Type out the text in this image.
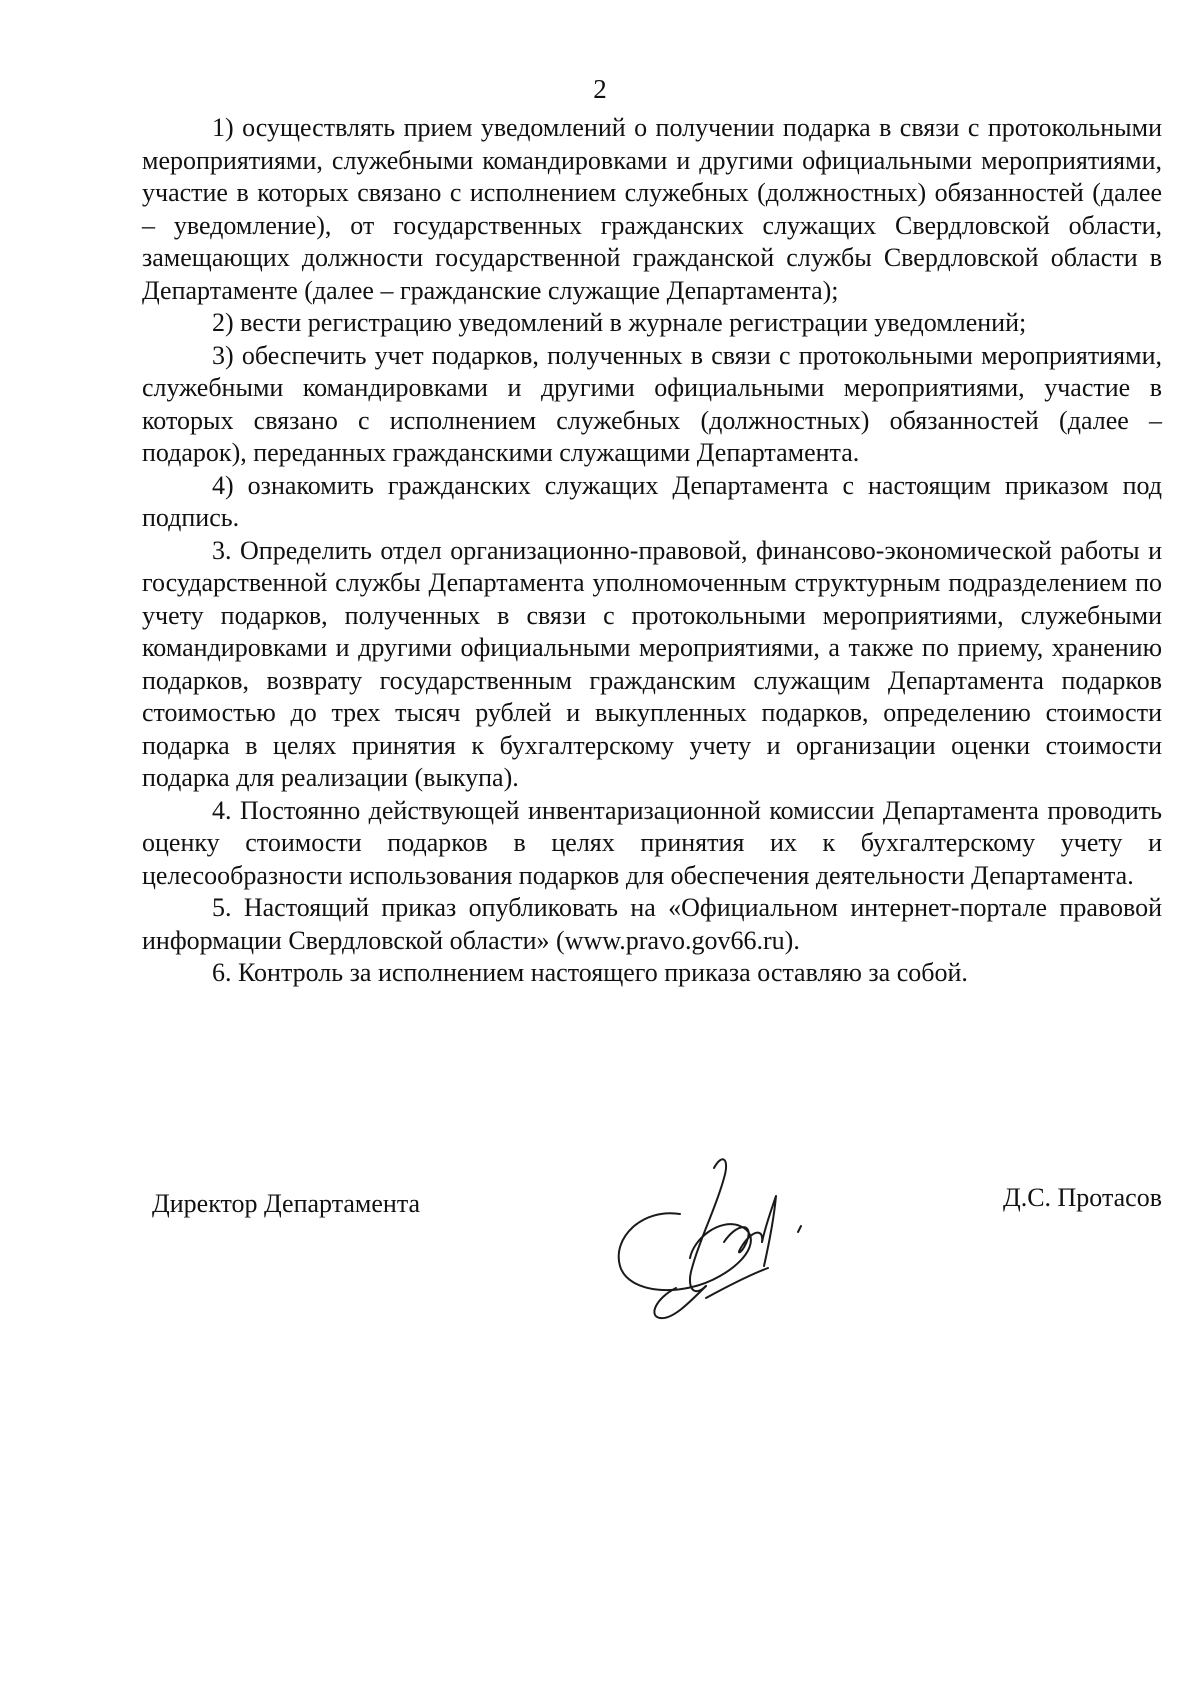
2

1) осуществлять прием уведомлений о получении подарка в связи с протокольными мероприятиями, служебными командировками и другими официальными мероприятиями, участие в которых связано с исполнением служебных (должностных) обязанностей (далее – уведомление), от государственных гражданских служащих Свердловской области, замещающих должности государственной гражданской службы Свердловской области в Департаменте (далее – гражданские служащие Департамента);

2) вести регистрацию уведомлений в журнале регистрации уведомлений;

3) обеспечить учет подарков, полученных в связи с протокольными мероприятиями, служебными командировками и другими официальными мероприятиями, участие в которых связано с исполнением служебных (должностных) обязанностей (далее – подарок), переданных гражданскими служащими Департамента.

4) ознакомить гражданских служащих Департамента с настоящим приказом под подпись.

3. Определить отдел организационно-правовой, финансово-экономической работы и государственной службы Департамента уполномоченным структурным подразделением по учету подарков, полученных в связи с протокольными мероприятиями, служебными командировками и другими официальными мероприятиями, а также по приему, хранению подарков, возврату государственным гражданским служащим Департамента подарков стоимостью до трех тысяч рублей и выкупленных подарков, определению стоимости подарка в целях принятия к бухгалтерскому учету и организации оценки стоимости подарка для реализации (выкупа).

4. Постоянно действующей инвентаризационной комиссии Департамента проводить оценку стоимости подарков в целях принятия их к бухгалтерскому учету и целесообразности использования подарков для обеспечения деятельности Департамента.

5. Настоящий приказ опубликовать на «Официальном интернет-портале правовой информации Свердловской области» (www.pravo.gov66.ru).

6. Контроль за исполнением настоящего приказа оставляю за собой.

Директор Департамента	Д.С. Протасов
